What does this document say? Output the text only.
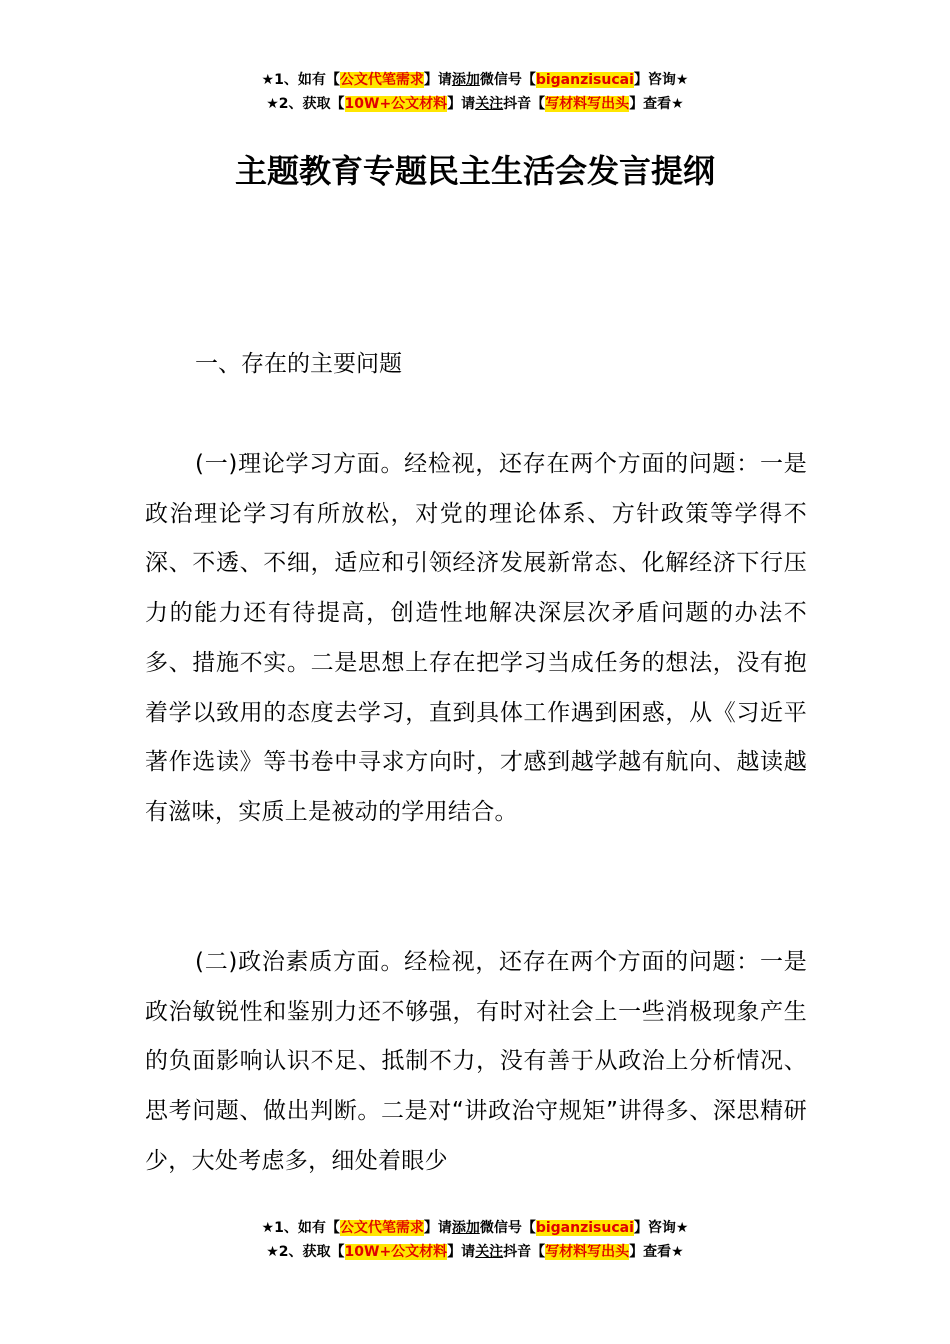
★1、如有【公文代笔需求】请添加微信号【biganzisucai】咨询★
★2、获取【10W+公文材料】请关注抖音【写材料写出头】查看★
主题教育专题民主生活会发言提纲

一、存在的主要问题

(一)理论学习方面。经检视，还存在两个方面的问题：一是政治理论学习有所放松，对党的理论体系、方针政策等学得不深、不透、不细，适应和引领经济发展新常态、化解经济下行压力的能力还有待提高，创造性地解决深层次矛盾问题的办法不多、措施不实。二是思想上存在把学习当成任务的想法，没有抱着学以致用的态度去学习，直到具体工作遇到困惑，从《习近平著作选读》等书卷中寻求方向时，才感到越学越有航向、越读越有滋味，实质上是被动的学用结合。

(二)政治素质方面。经检视，还存在两个方面的问题：一是政治敏锐性和鉴别力还不够强，有时对社会上一些消极现象产生的负面影响认识不足、抵制不力，没有善于从政治上分析情况、思考问题、做出判断。二是对“讲政治守规矩”讲得多、深思精研少，大处考虑多，细处着眼少

★1、如有【公文代笔需求】请添加微信号【biganzisucai】咨询★
★2、获取【10W+公文材料】请关注抖音【写材料写出头】查看★
